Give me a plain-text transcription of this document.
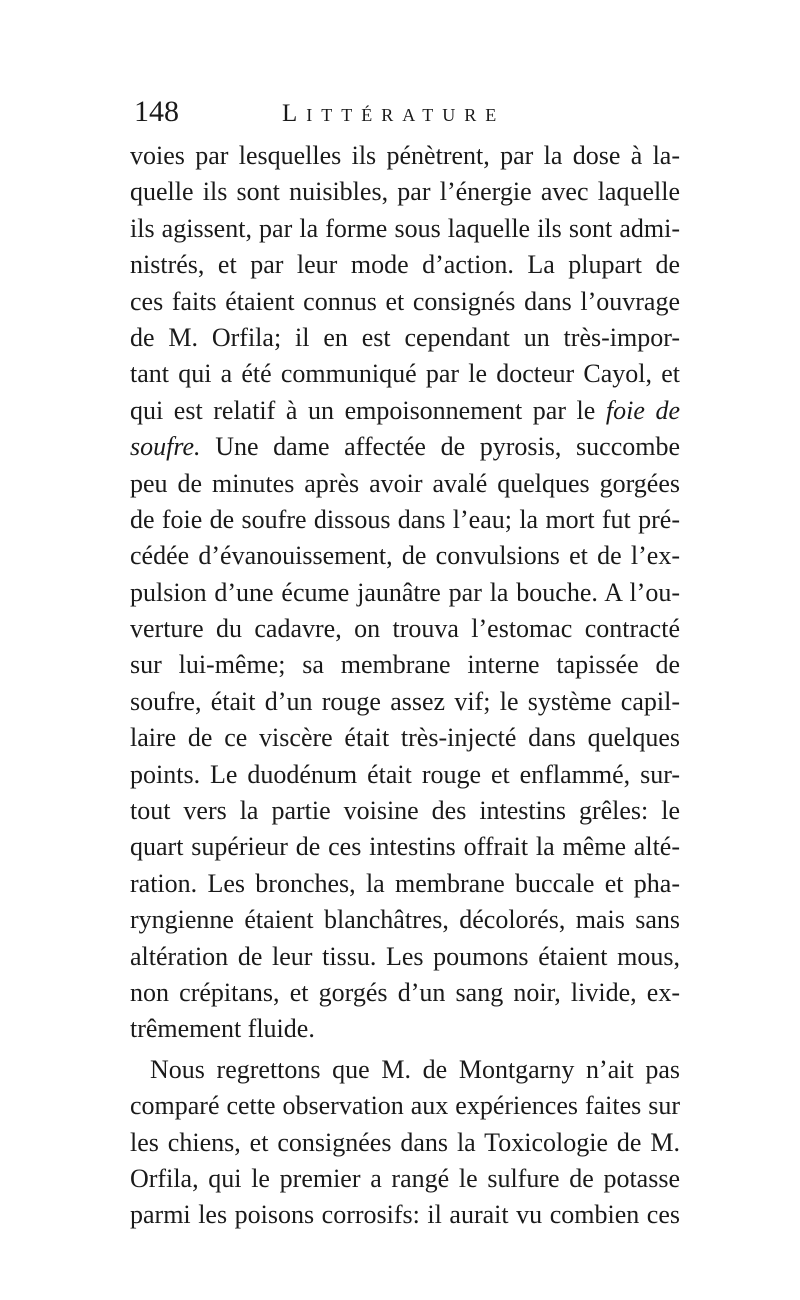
148	Littérature
voies par lesquelles ils pénètrent, par la dose à la-
quelle ils sont nuisibles, par l’énergie avec laquelle
ils agissent, par la forme sous laquelle ils sont admi-
nistrés, et par leur mode d’action. La plupart de
ces faits étaient connus et consignés dans l’ouvrage
de M. Orfila; il en est cependant un très-impor-
tant qui a été communiqué par le docteur Cayol, et
qui est relatif à un empoisonnement par le foie de
soufre. Une dame affectée de pyrosis, succombe
peu de minutes après avoir avalé quelques gorgées
de foie de soufre dissous dans l’eau; la mort fut pré-
cédée d’évanouissement, de convulsions et de l’ex-
pulsion d’une écume jaunâtre par la bouche. A l’ou-
verture du cadavre, on trouva l’estomac contracté
sur lui-même; sa membrane interne tapissée de
soufre, était d’un rouge assez vif; le système capil-
laire de ce viscère était très-injecté dans quelques
points. Le duodénum était rouge et enflammé, sur-
tout vers la partie voisine des intestins grêles: le
quart supérieur de ces intestins offrait la même alté-
ration. Les bronches, la membrane buccale et pha-
ryngienne étaient blanchâtres, décolorés, mais sans
altération de leur tissu. Les poumons étaient mous,
non crépitans, et gorgés d’un sang noir, livide, ex-
trêmement fluide.
Nous regrettons que M. de Montgarny n’ait pas
comparé cette observation aux expériences faites sur
les chiens, et consignées dans la Toxicologie de M.
Orfila, qui le premier a rangé le sulfure de potasse
parmi les poisons corrosifs: il aurait vu combien ces
